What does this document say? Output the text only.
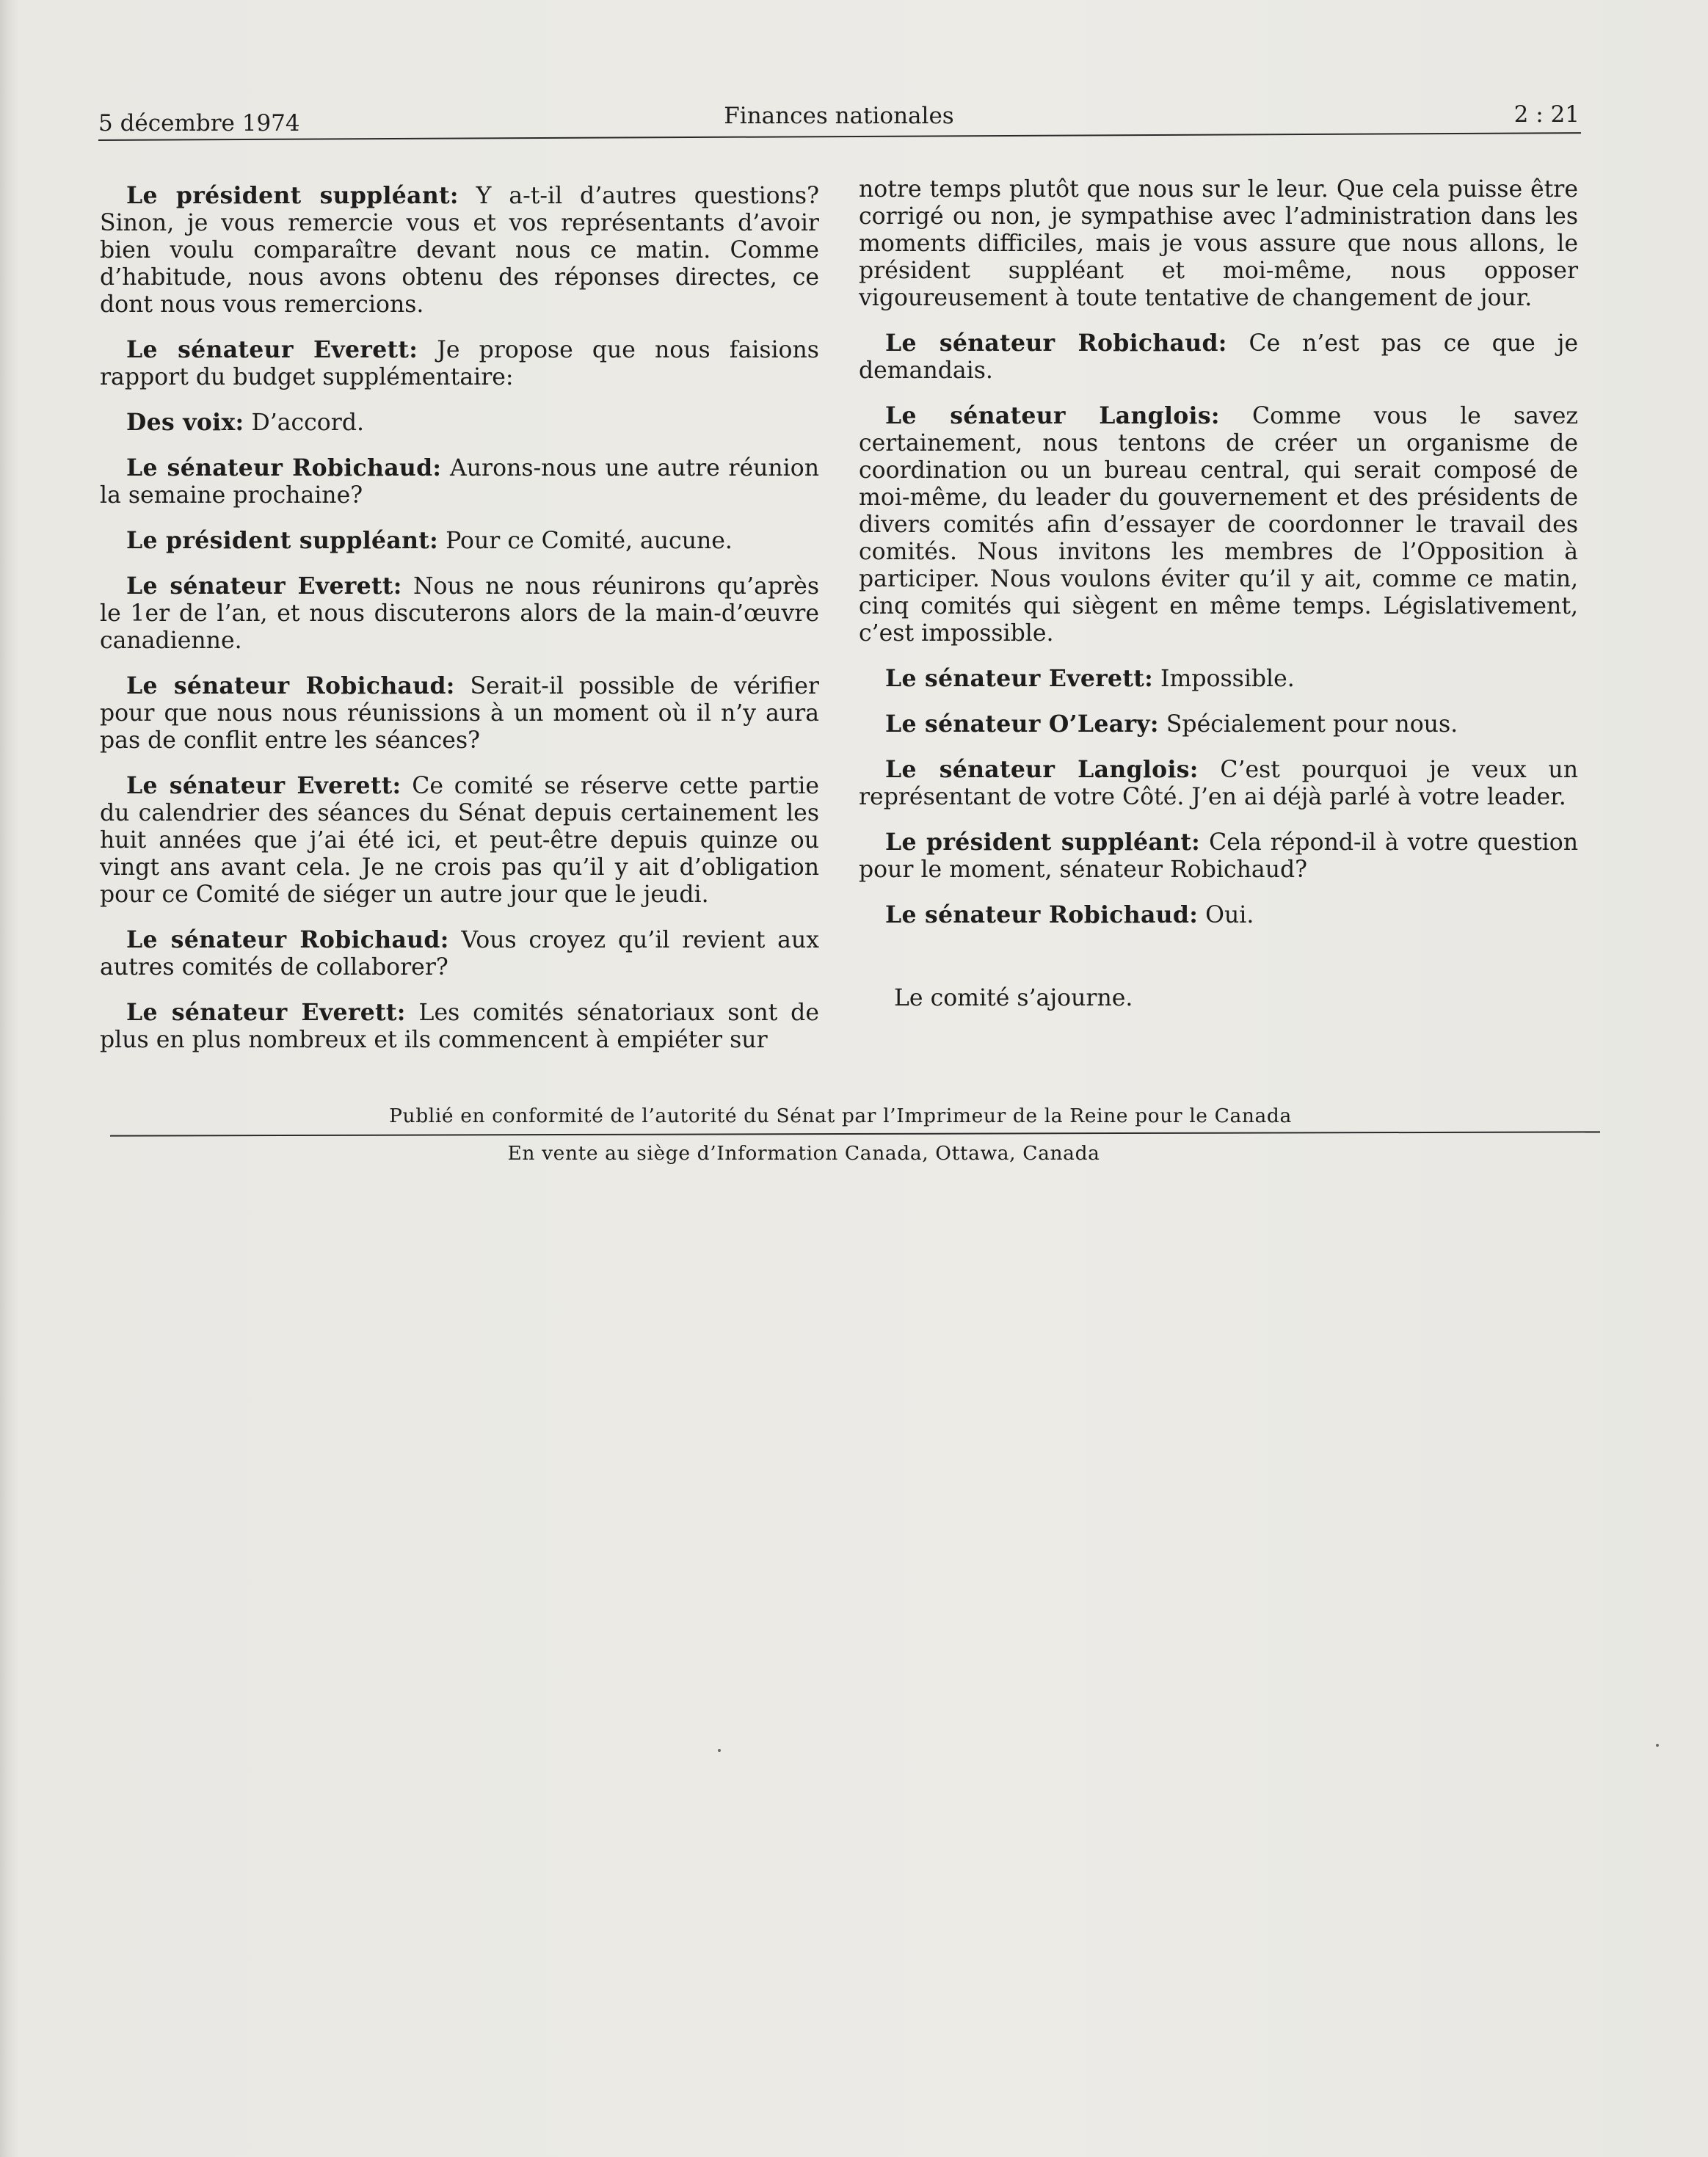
5 décembre 1974	Finances nationales	2 : 21

Le président suppléant: Y a-t-il d’autres questions? Sinon, je vous remercie vous et vos représentants d’avoir bien voulu comparaître devant nous ce matin. Comme d’habitude, nous avons obtenu des réponses directes, ce dont nous vous remercions.

Le sénateur Everett: Je propose que nous faisions rapport du budget supplémentaire:

Des voix: D’accord.

Le sénateur Robichaud: Aurons-nous une autre réunion la semaine prochaine?

Le président suppléant: Pour ce Comité, aucune.

Le sénateur Everett: Nous ne nous réunirons qu’après le 1er de l’an, et nous discuterons alors de la main-d’œuvre canadienne.

Le sénateur Robichaud: Serait-il possible de vérifier pour que nous nous réunissions à un moment où il n’y aura pas de conflit entre les séances?

Le sénateur Everett: Ce comité se réserve cette partie du calendrier des séances du Sénat depuis certainement les huit années que j’ai été ici, et peut-être depuis quinze ou vingt ans avant cela. Je ne crois pas qu’il y ait d’obligation pour ce Comité de siéger un autre jour que le jeudi.

Le sénateur Robichaud: Vous croyez qu’il revient aux autres comités de collaborer?

Le sénateur Everett: Les comités sénatoriaux sont de plus en plus nombreux et ils commencent à empiéter sur

notre temps plutôt que nous sur le leur. Que cela puisse être corrigé ou non, je sympathise avec l’administration dans les moments difficiles, mais je vous assure que nous allons, le président suppléant et moi-même, nous opposer vigoureusement à toute tentative de changement de jour.

Le sénateur Robichaud: Ce n’est pas ce que je demandais.

Le sénateur Langlois: Comme vous le savez certainement, nous tentons de créer un organisme de coordination ou un bureau central, qui serait composé de moi-même, du leader du gouvernement et des présidents de divers comités afin d’essayer de coordonner le travail des comités. Nous invitons les membres de l’Opposition à participer. Nous voulons éviter qu’il y ait, comme ce matin, cinq comités qui siègent en même temps. Législativement, c’est impossible.

Le sénateur Everett: Impossible.

Le sénateur O’Leary: Spécialement pour nous.

Le sénateur Langlois: C’est pourquoi je veux un représentant de votre Côté. J’en ai déjà parlé à votre leader.

Le président suppléant: Cela répond-il à votre question pour le moment, sénateur Robichaud?

Le sénateur Robichaud: Oui.

Le comité s’ajourne.

Publié en conformité de l’autorité du Sénat par l’Imprimeur de la Reine pour le Canada
En vente au siège d’Information Canada, Ottawa, Canada
